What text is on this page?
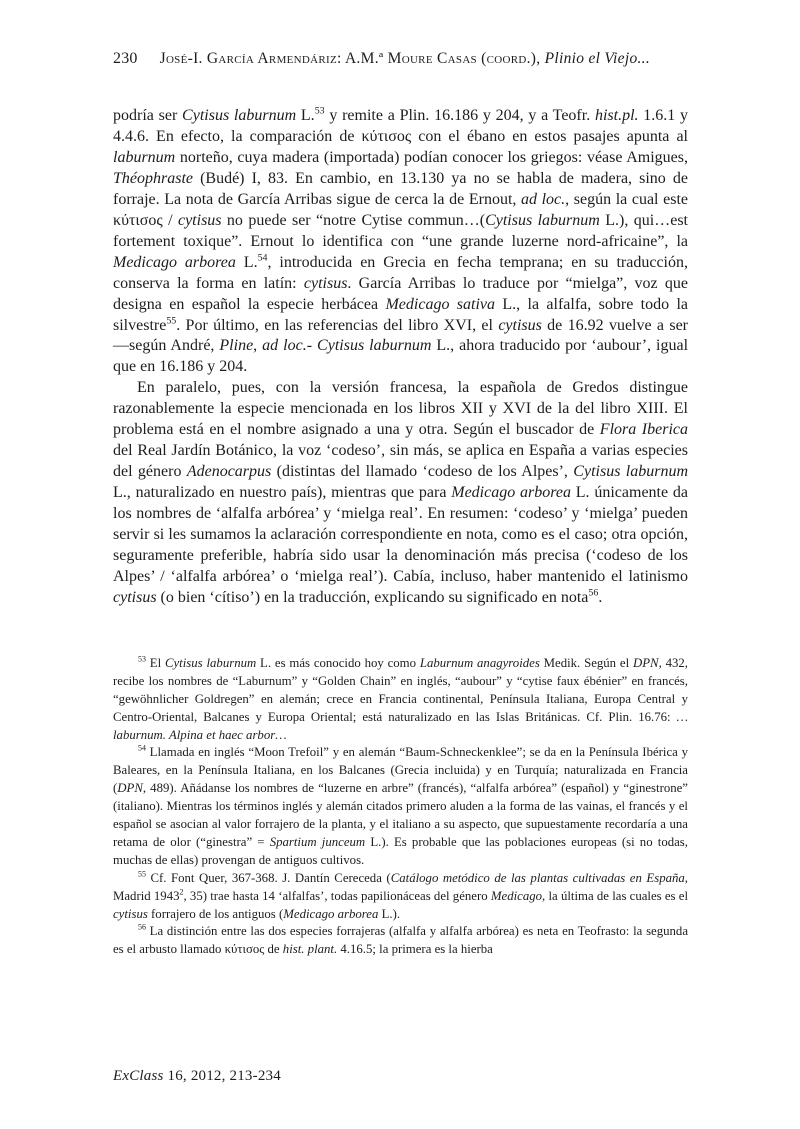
230 José-I. García Armendáriz: A.M.ª Moure Casas (coord.), Plinio el Viejo...

podría ser Cytisus laburnum L.$^{53}$ y remite a Plin. 16.186 y 204, y a Teofr. hist.pl. 1.6.1 y 4.4.6. En efecto, la comparación de κύτισος con el ébano en estos pasajes apunta al laburnum norteño, cuya madera (importada) podían conocer los griegos: véase Amigues, Théophraste (Budé) I, 83. En cambio, en 13.130 ya no se habla de madera, sino de forraje. La nota de García Arribas sigue de cerca la de Ernout, ad loc., según la cual este κύτισος / cytisus no puede ser “notre Cytise commun…(Cytisus laburnum L.), qui…est fortement toxique”. Ernout lo identifica con “une grande luzerne nord-africaine”, la Medicago arborea L.$^{54}$, introducida en Grecia en fecha temprana; en su traducción, conserva la forma en latín: cytisus. García Arribas lo traduce por “mielga”, voz que designa en español la especie herbácea Medicago sativa L., la alfalfa, sobre todo la silvestre$^{55}$. Por último, en las referencias del libro XVI, el cytisus de 16.92 vuelve a ser —según André, Pline, ad loc.- Cytisus laburnum L., ahora traducido por ‘aubour’, igual que en 16.186 y 204.

En paralelo, pues, con la versión francesa, la española de Gredos distingue razonablemente la especie mencionada en los libros XII y XVI de la del libro XIII. El problema está en el nombre asignado a una y otra. Según el buscador de Flora Iberica del Real Jardín Botánico, la voz ‘codeso’, sin más, se aplica en España a varias especies del género Adenocarpus (distintas del llamado ‘codeso de los Alpes’, Cytisus laburnum L., naturalizado en nuestro país), mientras que para Medicago arborea L. únicamente da los nombres de ‘alfalfa arbórea’ y ‘mielga real’. En resumen: ‘codeso’ y ‘mielga’ pueden servir si les sumamos la aclaración correspondiente en nota, como es el caso; otra opción, seguramente preferible, habría sido usar la denominación más precisa (‘codeso de los Alpes’ / ‘alfalfa arbórea’ o ‘mielga real’). Cabía, incluso, haber mantenido el latinismo cytisus (o bien ‘cítiso’) en la traducción, explicando su significado en nota$^{56}$.

$^{53}$ El Cytisus laburnum L. es más conocido hoy como Laburnum anagyroides Medik. Según el DPN, 432, recibe los nombres de “Laburnum” y “Golden Chain” en inglés, “aubour” y “cytise faux ébénier” en francés, “gewöhnlicher Goldregen” en alemán; crece en Francia continental, Península Italiana, Europa Central y Centro-Oriental, Balcanes y Europa Oriental; está naturalizado en las Islas Británicas. Cf. Plin. 16.76: …laburnum. Alpina et haec arbor…

$^{54}$ Llamada en inglés “Moon Trefoil” y en alemán “Baum-Schneckenklee”; se da en la Península Ibérica y Baleares, en la Península Italiana, en los Balcanes (Grecia incluida) y en Turquía; naturalizada en Francia (DPN, 489). Añádanse los nombres de “luzerne en arbre” (francés), “alfalfa arbórea” (español) y “ginestrone” (italiano). Mientras los términos inglés y alemán citados primero aluden a la forma de las vainas, el francés y el español se asocian al valor forrajero de la planta, y el italiano a su aspecto, que supuestamente recordaría a una retama de olor (“ginestra” = Spartium junceum L.). Es probable que las poblaciones europeas (si no todas, muchas de ellas) provengan de antiguos cultivos.

$^{55}$ Cf. Font Quer, 367-368. J. Dantín Cereceda (Catálogo metódico de las plantas cultivadas en España, Madrid 1943$^2$, 35) trae hasta 14 ‘alfalfas’, todas papilionáceas del género Medicago, la última de las cuales es el cytisus forrajero de los antiguos (Medicago arborea L.).

$^{56}$ La distinción entre las dos especies forrajeras (alfalfa y alfalfa arbórea) es neta en Teofrasto: la segunda es el arbusto llamado κύτισος de hist. plant. 4.16.5; la primera es la hierba

ExClass 16, 2012, 213-234
